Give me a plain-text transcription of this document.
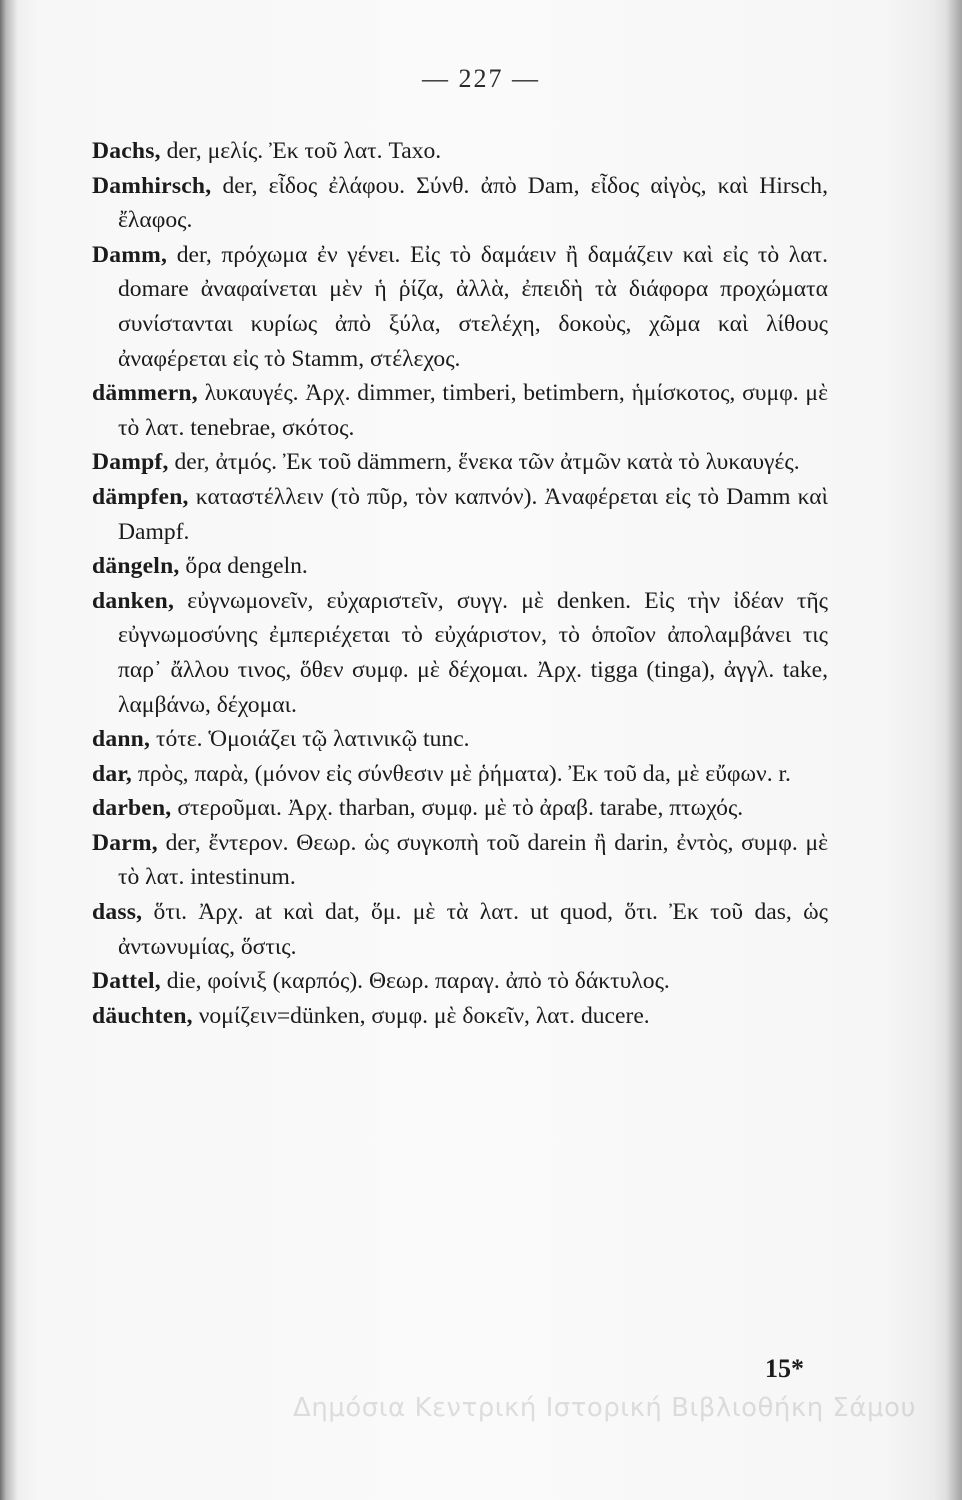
— 227 —

Dachs, der, μελίς. Ἐκ τοῦ λατ. Taxo.

Damhirsch, der, εἶδος ἐλάφου. Σύνθ. ἀπὸ Dam, εἶδος αἰγὸς, καὶ Hirsch, ἔλαφος.

Damm, der, πρόχωμα ἐν γένει. Εἰς τὸ δαμάειν ἢ δαμάζειν καὶ εἰς τὸ λατ. domare ἀναφαίνεται μὲν ἡ ῥίζα, ἀλλὰ, ἐπειδὴ τὰ διάφορα προχώματα συνίστανται κυρίως ἀπὸ ξύλα, στελέχη, δοκοὺς, χῶμα καὶ λίθους ἀναφέρεται εἰς τὸ Stamm, στέλεχος.

dämmern, λυκαυγές. Ἀρχ. dimmer, timberi, betimbern, ἡμίσκοτος, συμφ. μὲ τὸ λατ. tenebrae, σκότος.

Dampf, der, ἀτμός. Ἐκ τοῦ dämmern, ἕνεκα τῶν ἀτμῶν κατὰ τὸ λυκαυγές.

dämpfen, καταστέλλειν (τὸ πῦρ, τὸν καπνόν). Ἀναφέρεται εἰς τὸ Damm καὶ Dampf.

dängeln, ὅρα dengeln.

danken, εὐγνωμονεῖν, εὐχαριστεῖν, συγγ. μὲ denken. Εἰς τὴν ἰδέαν τῆς εὐγνωμοσύνης ἐμπεριέχεται τὸ εὐχάριστον, τὸ ὁποῖον ἀπολαμβάνει τις παρ᾿ ἄλλου τινος, ὅθεν συμφ. μὲ δέχομαι. Ἀρχ. tigga (tinga), ἀγγλ. take, λαμβάνω, δέχομαι.

dann, τότε. Ὁμοιάζει τῷ λατινικῷ tunc.

dar, πρὸς, παρὰ, (μόνον εἰς σύνθεσιν μὲ ῥήματα). Ἐκ τοῦ da, μὲ εὔφων. r.

darben, στεροῦμαι. Ἀρχ. tharban, συμφ. μὲ τὸ ἀραβ. tarabe, πτωχός.

Darm, der, ἔντερον. Θεωρ. ὡς συγκοπὴ τοῦ darein ἢ darin, ἐντὸς, συμφ. μὲ τὸ λατ. intestinum.

dass, ὅτι. Ἀρχ. at καὶ dat, ὅμ. μὲ τὰ λατ. ut quod, ὅτι. Ἐκ τοῦ das, ὡς ἀντωνυμίας, ὅστις.

Dattel, die, φοίνιξ (καρπός). Θεωρ. παραγ. ἀπὸ τὸ δάκτυλος.

däuchten, νομίζειν=dünken, συμφ. μὲ δοκεῖν, λατ. ducere.

15*
Δημόσια Κεντρική Ιστορική Βιβλιοθήκη Σάμου
